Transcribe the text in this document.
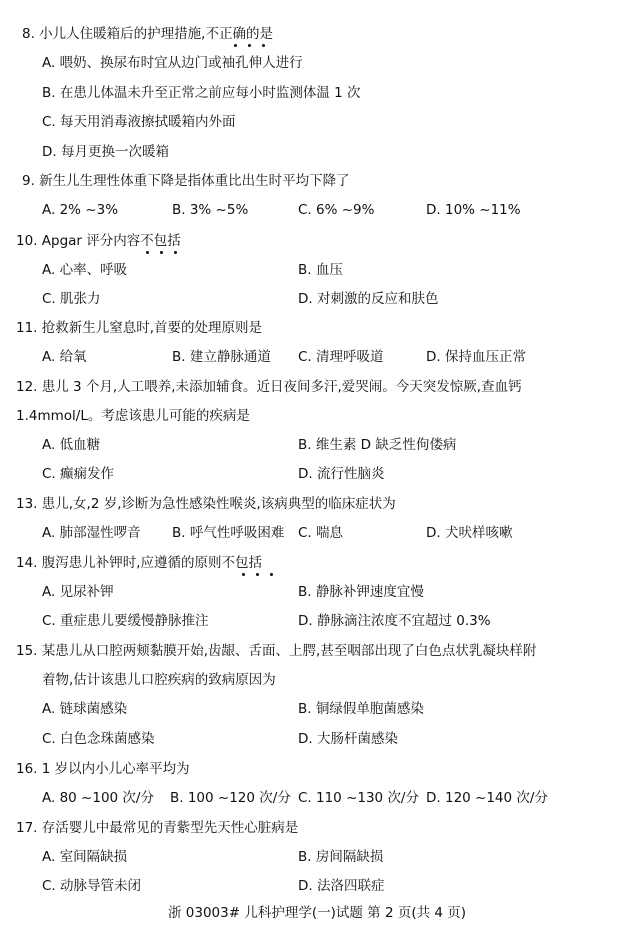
8. 小儿人住暖箱后的护理措施,不正确的是
A. 喂奶、换尿布时宜从边门或袖孔伸人进行
B. 在患儿体温未升至正常之前应每小时监测体温 1 次
C. 每天用消毒液擦拭暖箱内外面
D. 每月更换一次暖箱
9. 新生儿生理性体重下降是指体重比出生时平均下降了
A. 2% ~3%	B. 3% ~5%	C. 6% ~9%	D. 10% ~11%
10. Apgar 评分内容不包括
A. 心率、呼吸	B. 血压
C. 肌张力	D. 对刺激的反应和肤色
11. 抢救新生儿窒息时,首要的处理原则是
A. 给氧	B. 建立静脉通道 C. 清理呼吸道	D. 保持血压正常
12. 患儿 3 个月,人工喂养,未添加辅食。近日夜间多汗,爱哭闹。今天突发惊厥,查血钙
1.4mmol/L。考虑该患儿可能的疾病是
A. 低血糖	B. 维生素 D 缺乏性佝偻病
C. 癫痫发作	D. 流行性脑炎
13. 患儿,女,2 岁,诊断为急性感染性喉炎,该病典型的临床症状为
A. 肺部湿性啰音 B. 呼气性呼吸困难 C. 喘息	D. 犬吠样咳嗽
14. 腹泻患儿补钾时,应遵循的原则不包括
A. 见尿补钾	B. 静脉补钾速度宜慢
C. 重症患儿要缓慢静脉推注	D. 静脉滴注浓度不宜超过 0.3%
15. 某患儿从口腔两颊黏膜开始,齿龈、舌面、上腭,甚至咽部出现了白色点状乳凝块样附
着物,估计该患儿口腔疾病的致病原因为
A. 链球菌感染	B. 铜绿假单胞菌感染
C. 白色念珠菌感染	D. 大肠杆菌感染
16. 1 岁以内小儿心率平均为
A. 80 ~100 次/分 B. 100 ~120 次/分 C. 110 ~130 次/分 D. 120 ~140 次/分
17. 存活婴儿中最常见的青紫型先天性心脏病是
A. 室间隔缺损	B. 房间隔缺损
C. 动脉导管未闭	D. 法洛四联症
浙 03003# 儿科护理学(一)试题 第 2 页(共 4 页)
